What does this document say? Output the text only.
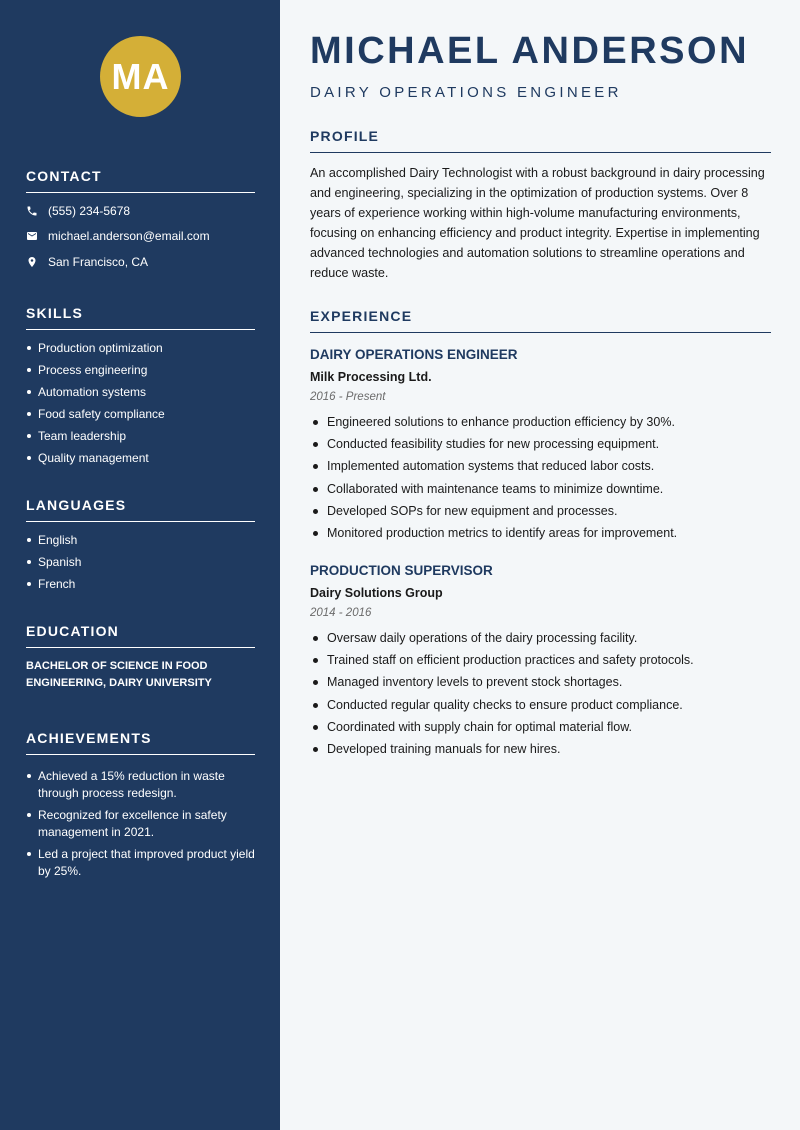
MA
CONTACT
(555) 234-5678
michael.anderson@email.com
San Francisco, CA
SKILLS
Production optimization
Process engineering
Automation systems
Food safety compliance
Team leadership
Quality management
LANGUAGES
English
Spanish
French
EDUCATION
BACHELOR OF SCIENCE IN FOOD ENGINEERING, DAIRY UNIVERSITY
ACHIEVEMENTS
Achieved a 15% reduction in waste through process redesign.
Recognized for excellence in safety management in 2021.
Led a project that improved product yield by 25%.
MICHAEL ANDERSON
DAIRY OPERATIONS ENGINEER
PROFILE

An accomplished Dairy Technologist with a robust background in dairy processing and engineering, specializing in the optimization of production systems. Over 8 years of experience working within high-volume manufacturing environments, focusing on enhancing efficiency and product integrity. Expertise in implementing advanced technologies and automation solutions to streamline operations and reduce waste.

EXPERIENCE
DAIRY OPERATIONS ENGINEER
Milk Processing Ltd.
2016 - Present
Engineered solutions to enhance production efficiency by 30%.
Conducted feasibility studies for new processing equipment.
Implemented automation systems that reduced labor costs.
Collaborated with maintenance teams to minimize downtime.
Developed SOPs for new equipment and processes.
Monitored production metrics to identify areas for improvement.
PRODUCTION SUPERVISOR
Dairy Solutions Group
2014 - 2016
Oversaw daily operations of the dairy processing facility.
Trained staff on efficient production practices and safety protocols.
Managed inventory levels to prevent stock shortages.
Conducted regular quality checks to ensure product compliance.
Coordinated with supply chain for optimal material flow.
Developed training manuals for new hires.
